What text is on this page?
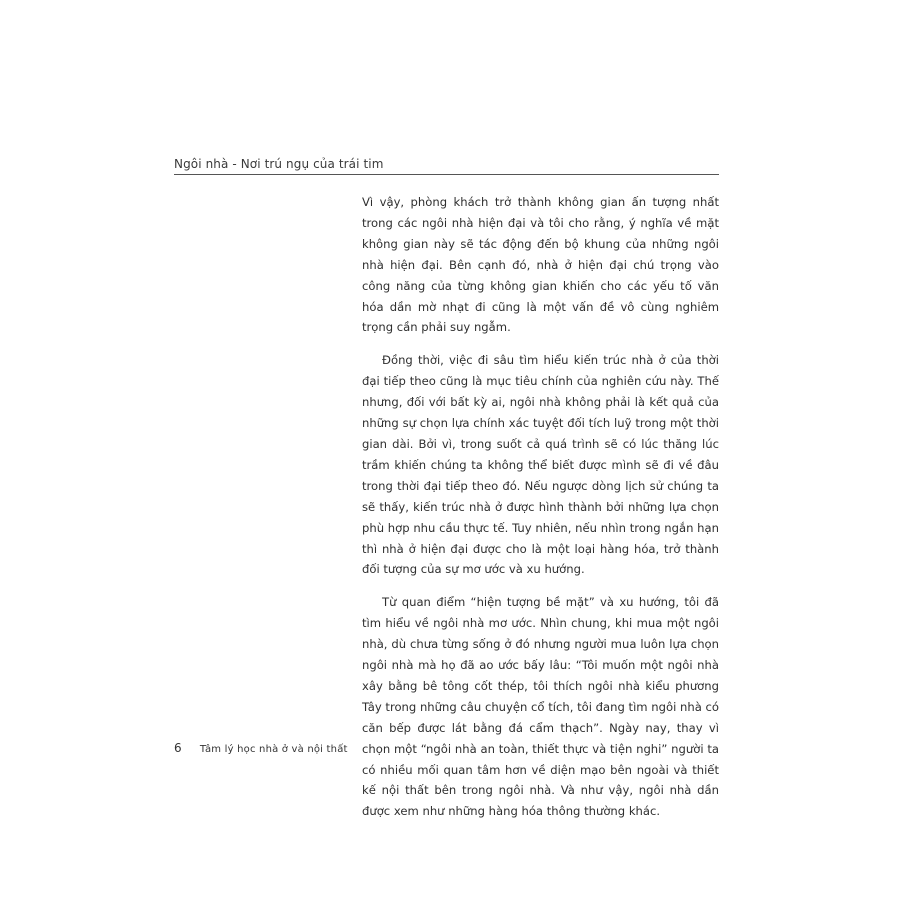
Ngôi nhà - Nơi trú ngụ của trái tim

Vì vậy, phòng khách trở thành không gian ấn tượng nhất trong các ngôi nhà hiện đại và tôi cho rằng, ý nghĩa về mặt không gian này sẽ tác động đến bộ khung của những ngôi nhà hiện đại. Bên cạnh đó, nhà ở hiện đại chú trọng vào công năng của từng không gian khiến cho các yếu tố văn hóa dần mờ nhạt đi cũng là một vấn đề vô cùng nghiêm trọng cần phải suy ngẫm.

Đồng thời, việc đi sâu tìm hiểu kiến trúc nhà ở của thời đại tiếp theo cũng là mục tiêu chính của nghiên cứu này. Thế nhưng, đối với bất kỳ ai, ngôi nhà không phải là kết quả của những sự chọn lựa chính xác tuyệt đối tích luỹ trong một thời gian dài. Bởi vì, trong suốt cả quá trình sẽ có lúc thăng lúc trầm khiến chúng ta không thể biết được mình sẽ đi về đâu trong thời đại tiếp theo đó. Nếu ngược dòng lịch sử chúng ta sẽ thấy, kiến trúc nhà ở được hình thành bởi những lựa chọn phù hợp nhu cầu thực tế. Tuy nhiên, nếu nhìn trong ngắn hạn thì nhà ở hiện đại được cho là một loại hàng hóa, trở thành đối tượng của sự mơ ước và xu hướng.

Từ quan điểm “hiện tượng bề mặt” và xu hướng, tôi đã tìm hiểu về ngôi nhà mơ ước. Nhìn chung, khi mua một ngôi nhà, dù chưa từng sống ở đó nhưng người mua luôn lựa chọn ngôi nhà mà họ đã ao ước bấy lâu: “Tôi muốn một ngôi nhà xây bằng bê tông cốt thép, tôi thích ngôi nhà kiểu phương Tây trong những câu chuyện cổ tích, tôi đang tìm ngôi nhà có căn bếp được lát bằng đá cẩm thạch”. Ngày nay, thay vì chọn một “ngôi nhà an toàn, thiết thực và tiện nghi” người ta có nhiều mối quan tâm hơn về diện mạo bên ngoài và thiết kế nội thất bên trong ngôi nhà. Và như vậy, ngôi nhà dần được xem như những hàng hóa thông thường khác.

6 Tâm lý học nhà ở và nội thất
